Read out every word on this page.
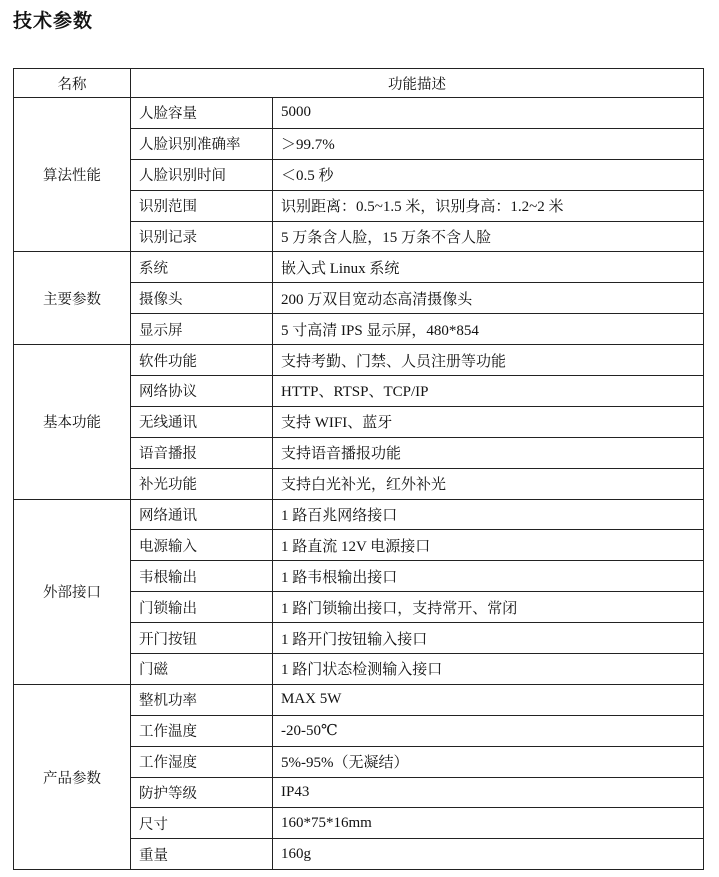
技术参数
名称	功能描述	
算法性能	人脸容量	5000
	人脸识别准确率	＞99.7%
	人脸识别时间	＜0.5 秒
	识别范围	识别距离：0.5~1.5 米，识别身高：1.2~2 米
	识别记录	5 万条含人脸，15 万条不含人脸
主要参数	系统	嵌入式 Linux 系统
	摄像头	200 万双目宽动态高清摄像头
	显示屏	5 寸高清 IPS 显示屏，480*854
基本功能	软件功能	支持考勤、门禁、人员注册等功能
	网络协议	HTTP、RTSP、TCP/IP
	无线通讯	支持 WIFI、蓝牙
	语音播报	支持语音播报功能
	补光功能	支持白光补光，红外补光
外部接口	网络通讯	1 路百兆网络接口
	电源输入	1 路直流 12V 电源接口
	韦根输出	1 路韦根输出接口
	门锁输出	1 路门锁输出接口，支持常开、常闭
	开门按钮	1 路开门按钮输入接口
	门磁	1 路门状态检测输入接口
产品参数	整机功率	MAX 5W
	工作温度	-20-50℃
	工作湿度	5%-95%（无凝结）
	防护等级	IP43
	尺寸	160*75*16mm
	重量	160g
